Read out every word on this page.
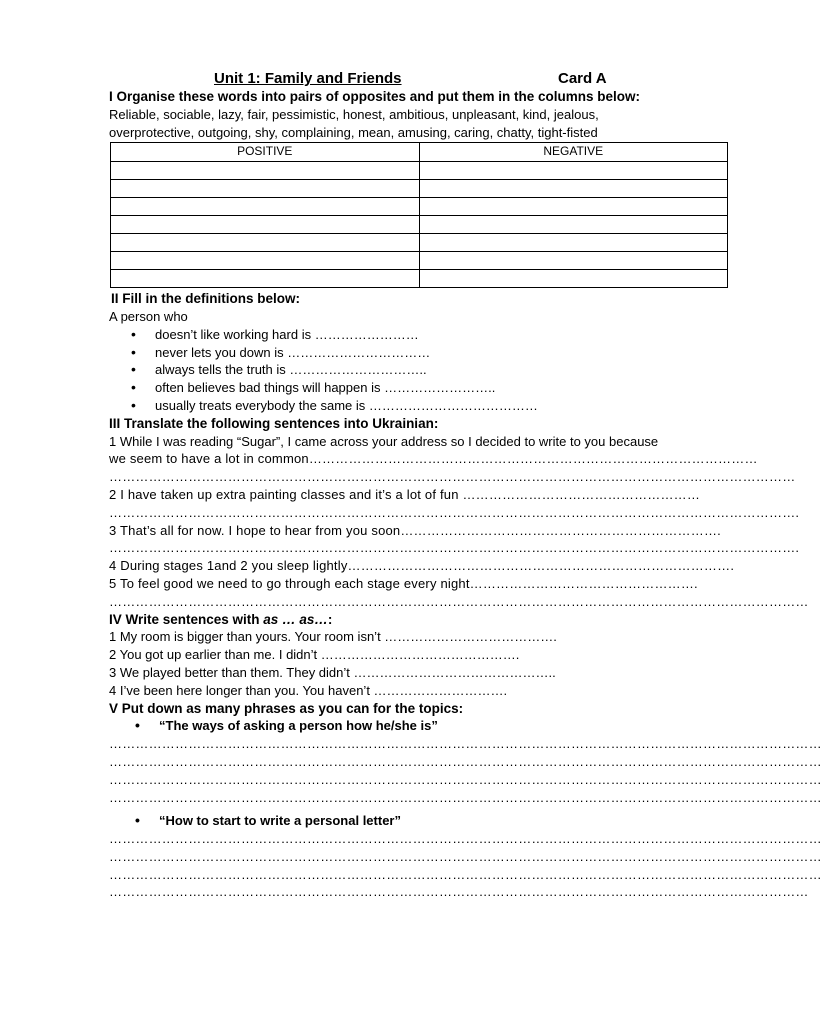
Unit 1: Family and Friends	Card A
I Organise these words into pairs of opposites and put them in the columns below:
Reliable, sociable, lazy, fair, pessimistic, honest, ambitious, unpleasant, kind, jealous,
overprotective, outgoing, shy, complaining, mean, amusing, caring, chatty, tight-fisted
POSITIVE	NEGATIVE

II Fill in the definitions below:
A person who
• doesn’t like working hard is ……………………
• never lets you down is ……………………………
• always tells the truth is …………………………..
• often believes bad things will happen is ……………………..
• usually treats everybody the same is …………………………………
III Translate the following sentences into Ukrainian:
1 While I was reading “Sugar”, I came across your address so I decided to write to you because
we seem to have a lot in common…………………………………………………………………………………………
…………………………………………………………………………………………………………………………………………
2 I have taken up extra painting classes and it’s a lot of fun ………………………………………………
………………………………………………………………………………………………………………………………………….
3 That’s all for now. I hope to hear from you soon……………………………………………………………….
………………………………………………………………………………………………………………………………………….
4 During stages 1and 2 you sleep lightly…………………………………………………………………………….
5 To feel good we need to go through each stage every night…………………………………………….
……………………………………………………………………………………………………………………………………………
IV Write sentences with as … as…:
1 My room is bigger than yours. Your room isn’t ………………………………….
2 You got up earlier than me. I didn’t ……………………………………….
3 We played better than them. They didn’t ………………………………………..
4 I’ve been here longer than you. You haven’t ………………………….
V Put down as many phrases as you can for the topics:
• “The ways of asking a person how he/she is”
………………………………………………………………………………………………………………………………………………
………………………………………………………………………………………………………………………………………………
………………………………………………………………………………………………………………………………………………
………………………………………………………………………………………………………………………………………………
• “How to start to write a personal letter”
………………………………………………………………………………………………………………………………………………
………………………………………………………………………………………………………………………………………………
………………………………………………………………………………………………………………………………………………
……………………………………………………………………………………………………………………………………………
